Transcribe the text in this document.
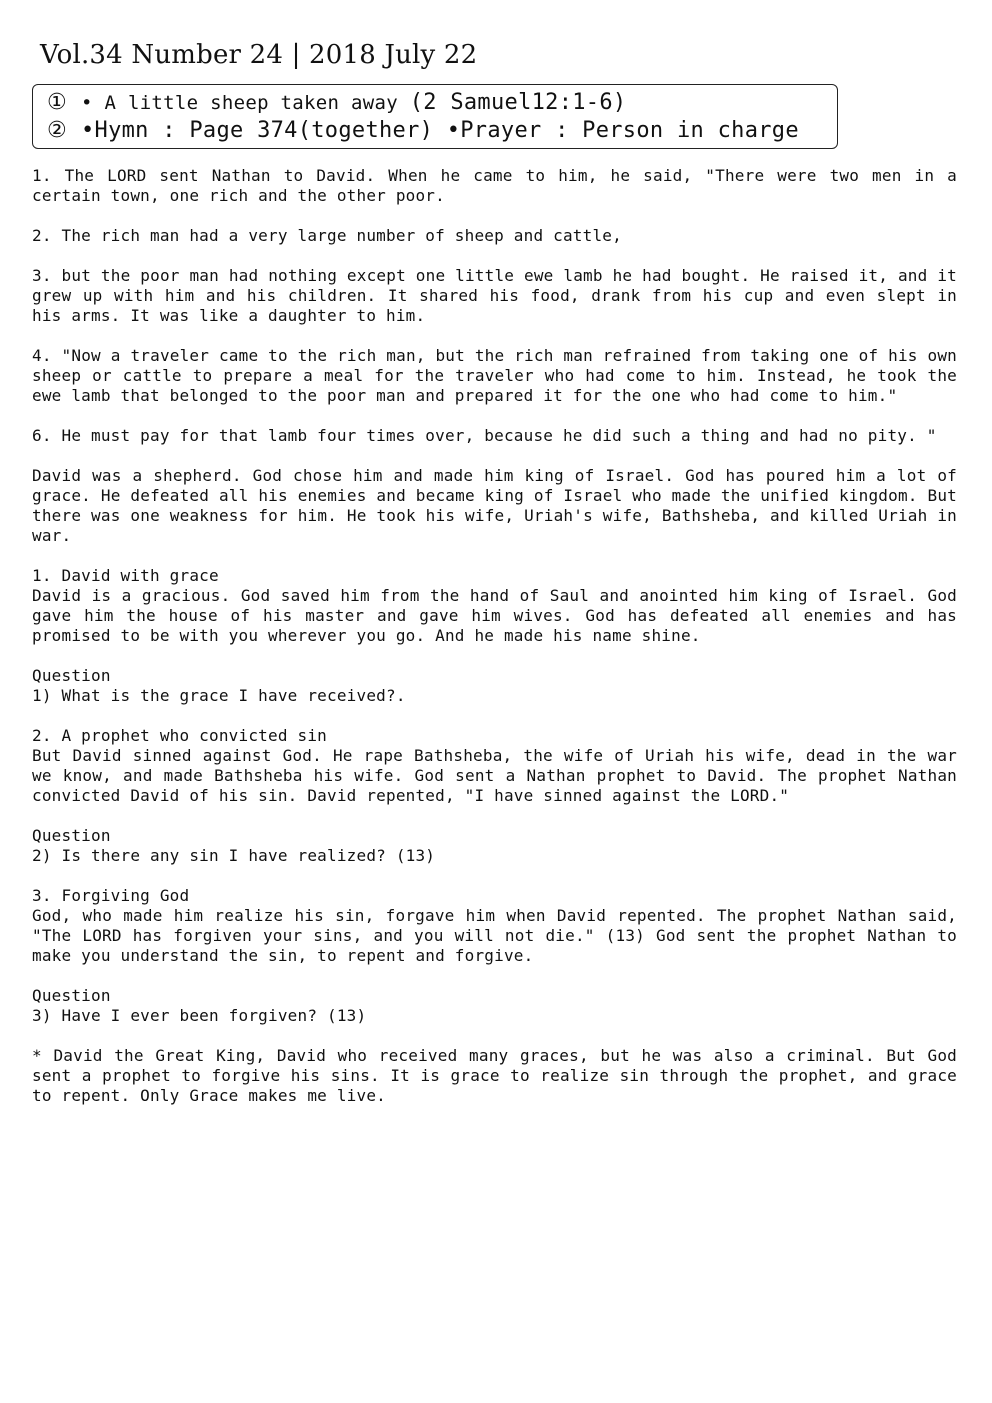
Vol.34 Number 24 | 2018 July 22
① • A little sheep taken away (2 Samuel12:1-6)
② •Hymn : Page 374(together) •Prayer : Person in charge

1. The LORD sent Nathan to David. When he came to him, he said, "There were two men in a certain town, one rich and the other poor.

2. The rich man had a very large number of sheep and cattle,

3. but the poor man had nothing except one little ewe lamb he had bought. He raised it, and it grew up with him and his children. It shared his food, drank from his cup and even slept in his arms. It was like a daughter to him.

4. "Now a traveler came to the rich man, but the rich man refrained from taking one of his own sheep or cattle to prepare a meal for the traveler who had come to him. Instead, he took the ewe lamb that belonged to the poor man and prepared it for the one who had come to him."

6. He must pay for that lamb four times over, because he did such a thing and had no pity. "

David was a shepherd. God chose him and made him king of Israel. God has poured him a lot of grace. He defeated all his enemies and became king of Israel who made the unified kingdom. But there was one weakness for him. He took his wife, Uriah's wife, Bathsheba, and killed Uriah in war.

1. David with grace
David is a gracious. God saved him from the hand of Saul and anointed him king of Israel. God gave him the house of his master and gave him wives. God has defeated all enemies and has promised to be with you wherever you go. And he made his name shine.
Question
1) What is the grace I have received?.
2. A prophet who convicted sin
But David sinned against God. He rape Bathsheba, the wife of Uriah his wife, dead in the war we know, and made Bathsheba his wife. God sent a Nathan prophet to David. The prophet Nathan convicted David of his sin. David repented, "I have sinned against the LORD."
Question
2) Is there any sin I have realized? (13)
3. Forgiving God
God, who made him realize his sin, forgave him when David repented. The prophet Nathan said, "The LORD has forgiven your sins, and you will not die." (13) God sent the prophet Nathan to make you understand the sin, to repent and forgive.
Question
3) Have I ever been forgiven? (13)

* David the Great King, David who received many graces, but he was also a criminal. But God sent a prophet to forgive his sins. It is grace to realize sin through the prophet, and grace to repent. Only Grace makes me live.
